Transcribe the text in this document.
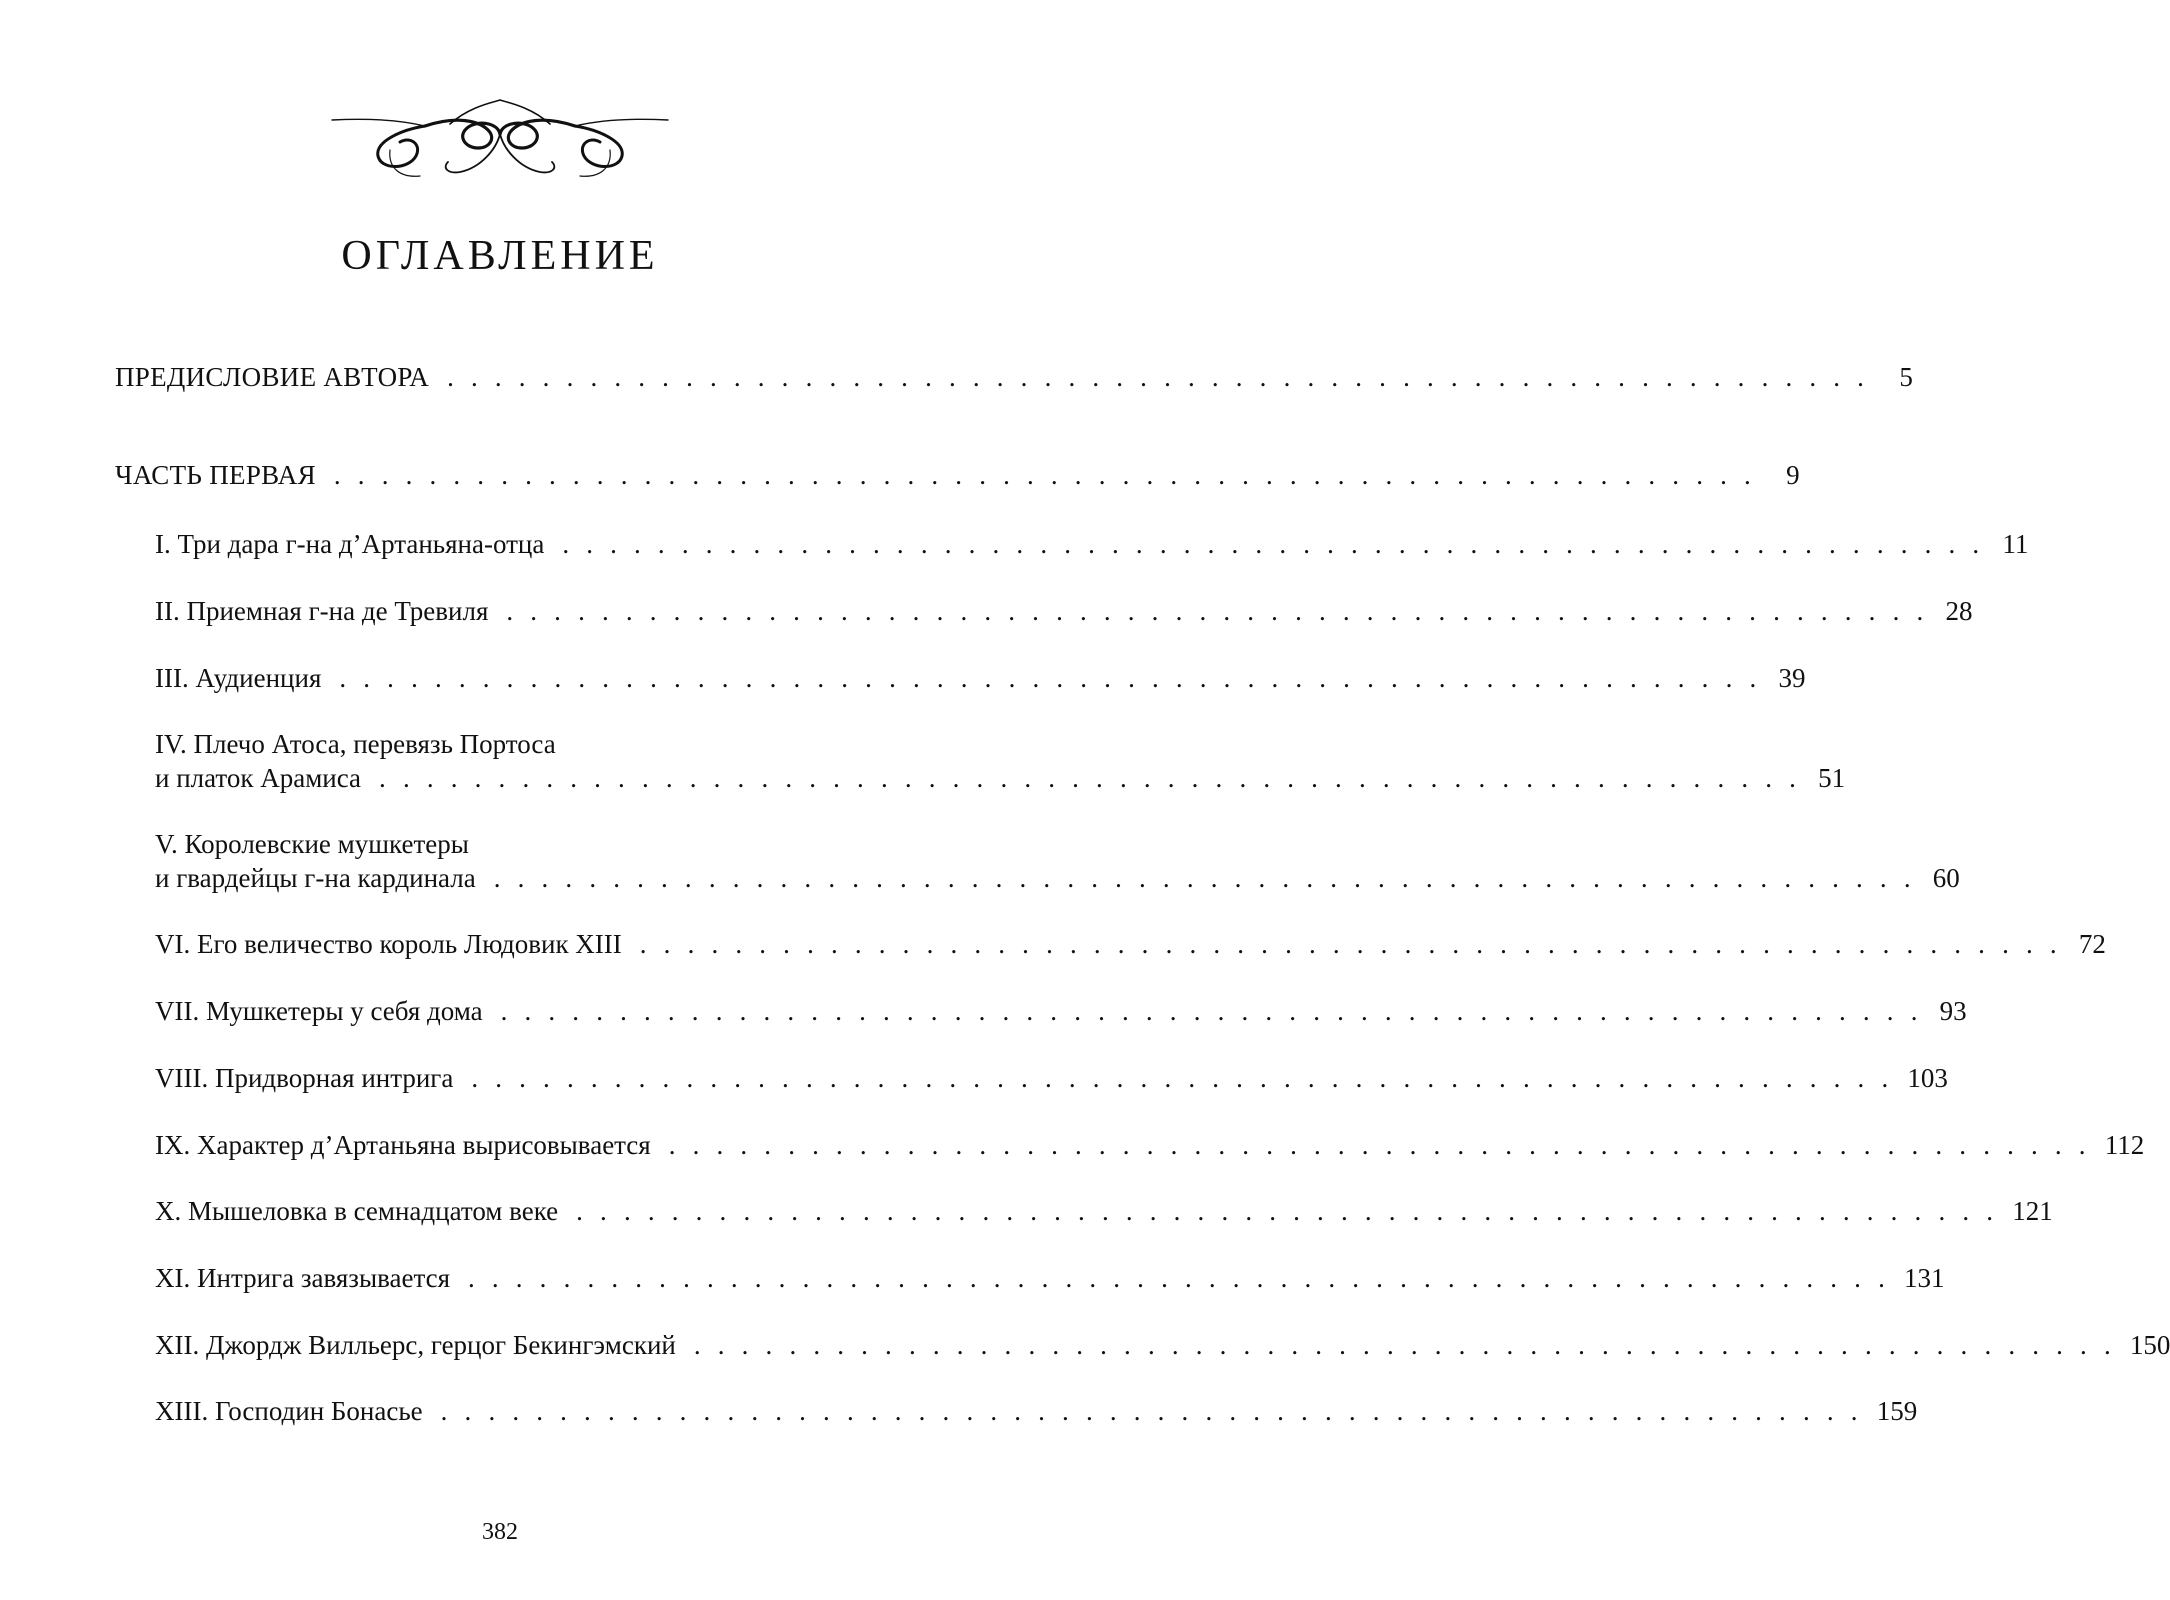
ОГЛАВЛЕНИЕ
ПРЕДИСЛОВИЕ АВТОРА . . . . . . . . . . . . . . . . . . . . . . . . . . . . . . . . . . . . . . . . . . . . . . . . . . . . . . . . . . . .	5
ЧАСТЬ ПЕРВАЯ . . . . . . . . . . . . . . . . . . . . . . . . . . . . . . . . . . . . . . . . . . . . . . . . . . . . . . . . . . . .	9
I. Три дара г-на д’Артаньяна-отца . . . . . . . . . . . . . . . . . . . . . . . . . . . . . . . . . . . . . . . . . . . . . . . . . . . . . . . . . . . . 11
II. Приемная г-на де Тревиля . . . . . . . . . . . . . . . . . . . . . . . . . . . . . . . . . . . . . . . . . . . . . . . . . . . . . . . . . . . . 28
III. Аудиенция . . . . . . . . . . . . . . . . . . . . . . . . . . . . . . . . . . . . . . . . . . . . . . . . . . . . . . . . . . . . 39
IV. Плечо Атоса, перевязь Портоса
и платок Арамиса . . . . . . . . . . . . . . . . . . . . . . . . . . . . . . . . . . . . . . . . . . . . . . . . . . . . . . . . . . . . 51
V. Королевские мушкетеры
и гвардейцы г-на кардинала . . . . . . . . . . . . . . . . . . . . . . . . . . . . . . . . . . . . . . . . . . . . . . . . . . . . . . . . . . . . 60
VI. Его величество король Людовик XIII . . . . . . . . . . . . . . . . . . . . . . . . . . . . . . . . . . . . . . . . . . . . . . . . . . . . . . . . . . . . 72
VII. Мушкетеры у себя дома . . . . . . . . . . . . . . . . . . . . . . . . . . . . . . . . . . . . . . . . . . . . . . . . . . . . . . . . . . . . 93
VIII. Придворная интрига . . . . . . . . . . . . . . . . . . . . . . . . . . . . . . . . . . . . . . . . . . . . . . . . . . . . . . . . . . . . 103
IX. Характер д’Артаньяна вырисовывается . . . . . . . . . . . . . . . . . . . . . . . . . . . . . . . . . . . . . . . . . . . . . . . . . . . . . . . . . . . . 112
X. Мышеловка в семнадцатом веке . . . . . . . . . . . . . . . . . . . . . . . . . . . . . . . . . . . . . . . . . . . . . . . . . . . . . . . . . . . . 121
XI. Интрига завязывается . . . . . . . . . . . . . . . . . . . . . . . . . . . . . . . . . . . . . . . . . . . . . . . . . . . . . . . . . . . . 131
XII. Джордж Вилльерс, герцог Бекингэмский . . . . . . . . . . . . . . . . . . . . . . . . . . . . . . . . . . . . . . . . . . . . . . . . . . . . . . . . . . . . 150
XIII. Господин Бонасье . . . . . . . . . . . . . . . . . . . . . . . . . . . . . . . . . . . . . . . . . . . . . . . . . . . . . . . . . . . . 159
382
